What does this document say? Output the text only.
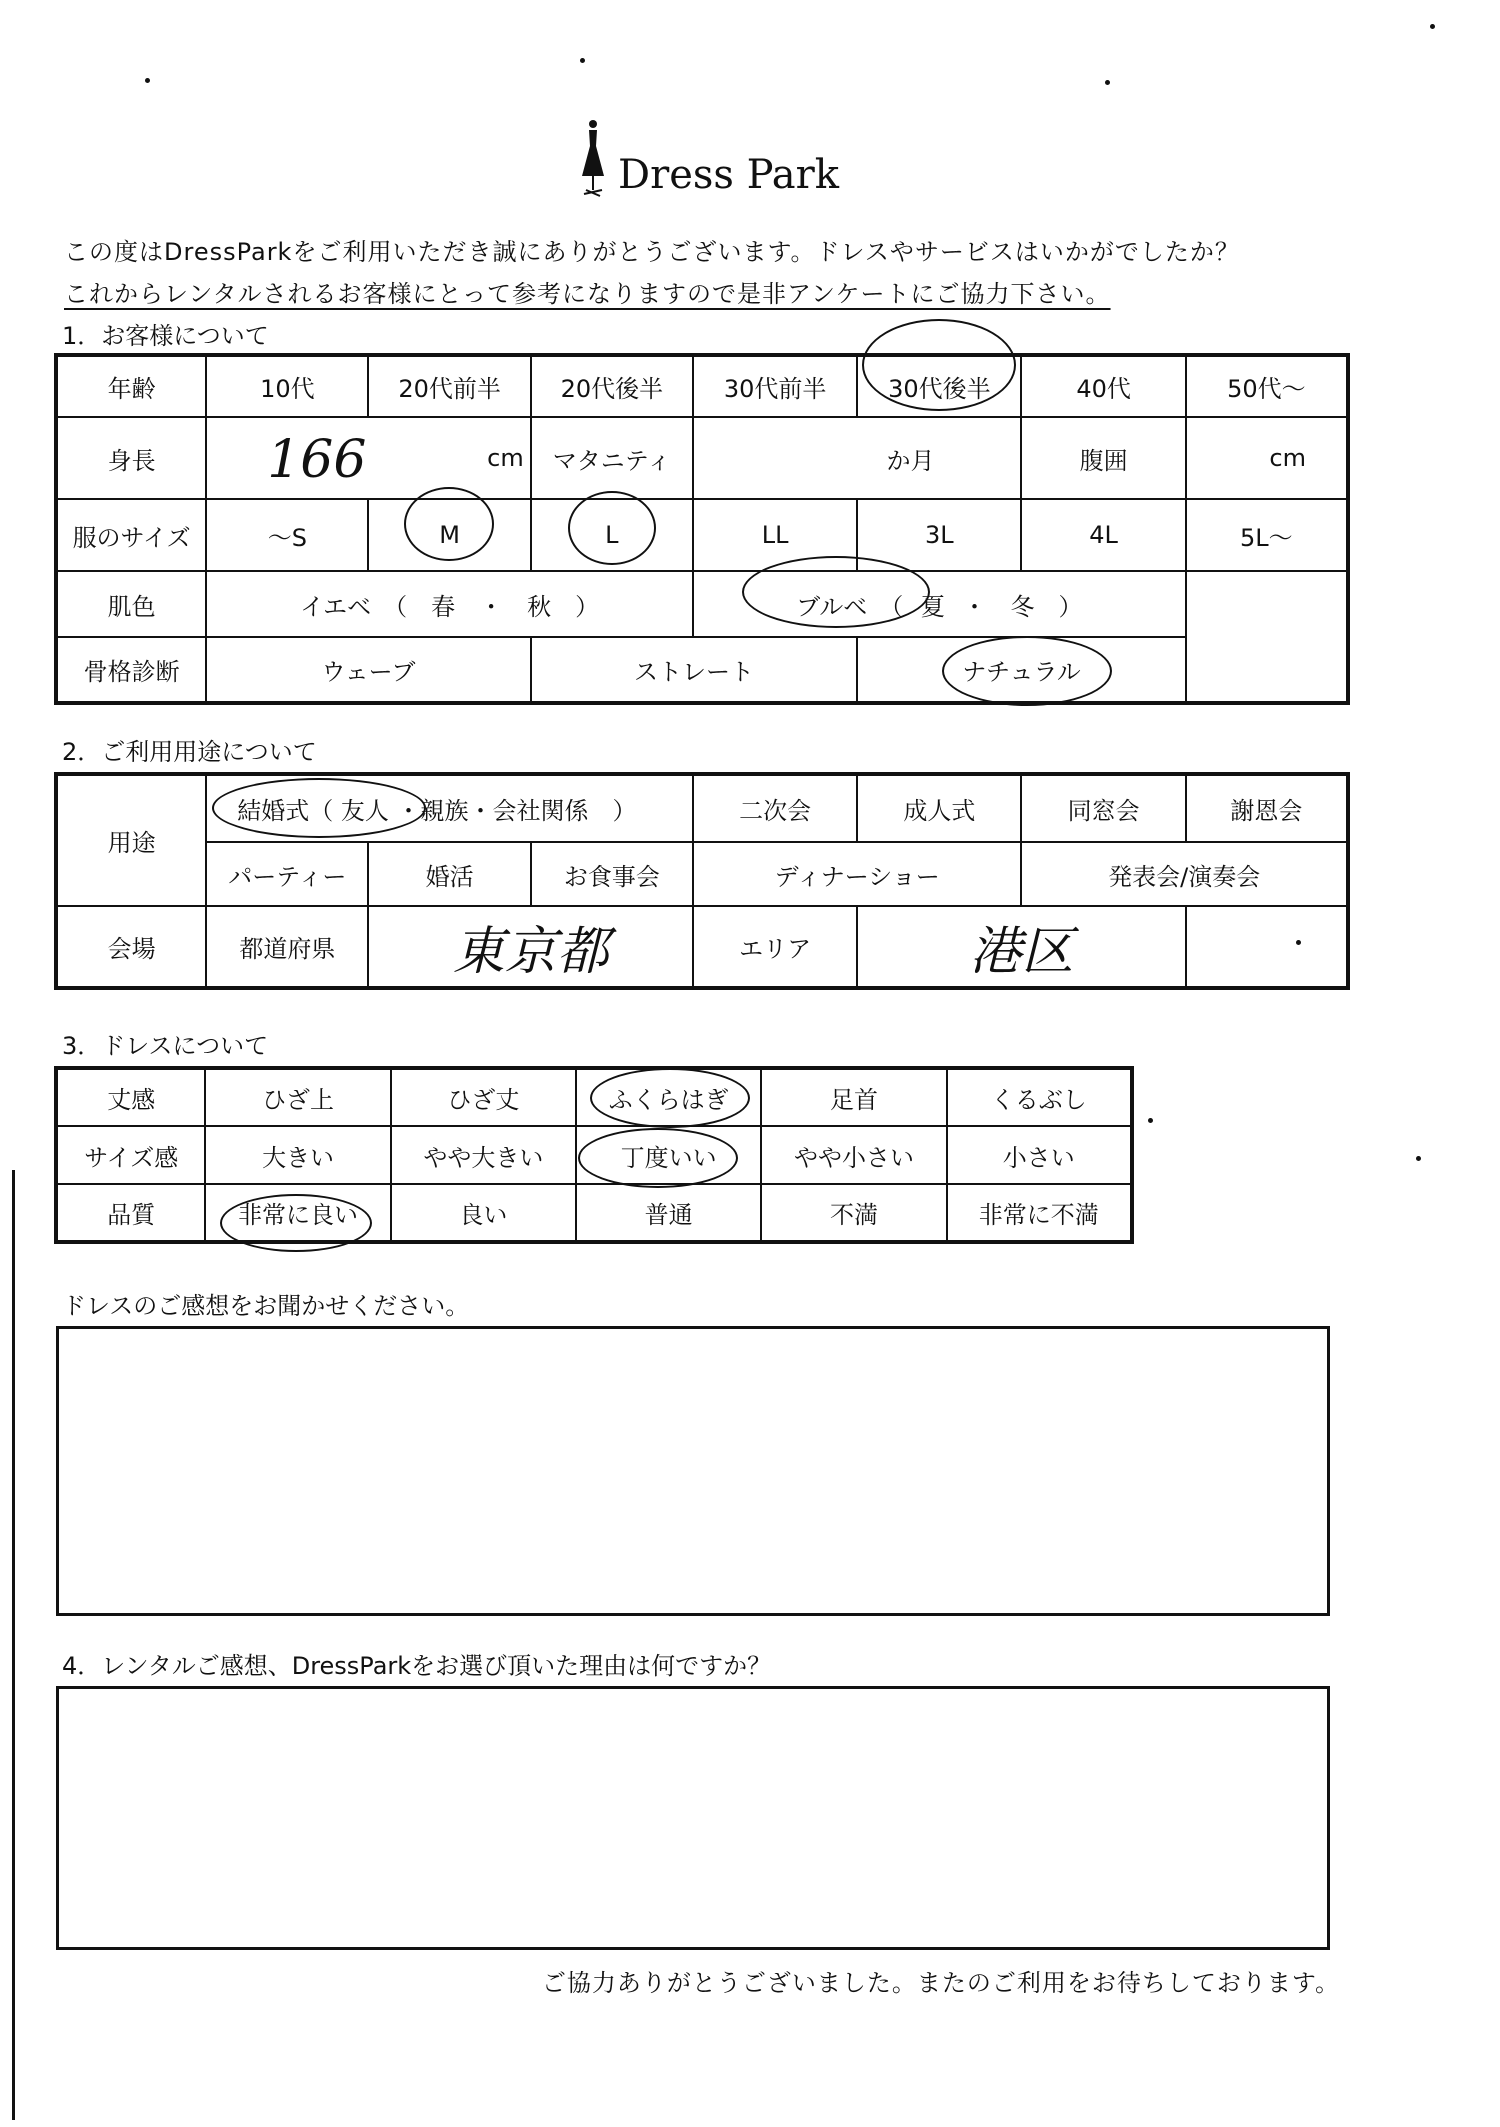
Dress Park
この度はDressParkをご利用いただき誠にありがとうございます。ドレスやサービスはいかがでしたか？
これからレンタルされるお客様にとって参考になりますので是非アンケートにご協力下さい。
1．お客様について
年齢	10代	20代前半	20代後半	30代前半	30代後半	40代	50代～
身長	166 cm		マタニティ	か月		腹囲	cm
服のサイズ	～S	M	L	LL	3L	4L	5L～
肌色	イエベ　（　春　・　秋　）			ブルベ　（ 夏 ・　冬　）			
骨格診断	ウェーブ		ストレート		ナチュラル		
2．ご利用用途について
用途	結婚式（ 友人 ・親族・会社関係　）			二次会	成人式	同窓会	謝恩会
	パーティー	婚活	お食事会	ディナーショー		発表会/演奏会	
会場	都道府県	東京都		エリア	港区		
3．ドレスについて
丈感	ひざ上	ひざ丈	ふくらはぎ	足首	くるぶし
サイズ感	大きい	やや大きい	丁度いい	やや小さい	小さい
品質	非常に良い	良い	普通	不満	非常に不満
ドレスのご感想をお聞かせください。
4．レンタルご感想、DressParkをお選び頂いた理由は何ですか？
ご協力ありがとうございました。またのご利用をお待ちしております。
